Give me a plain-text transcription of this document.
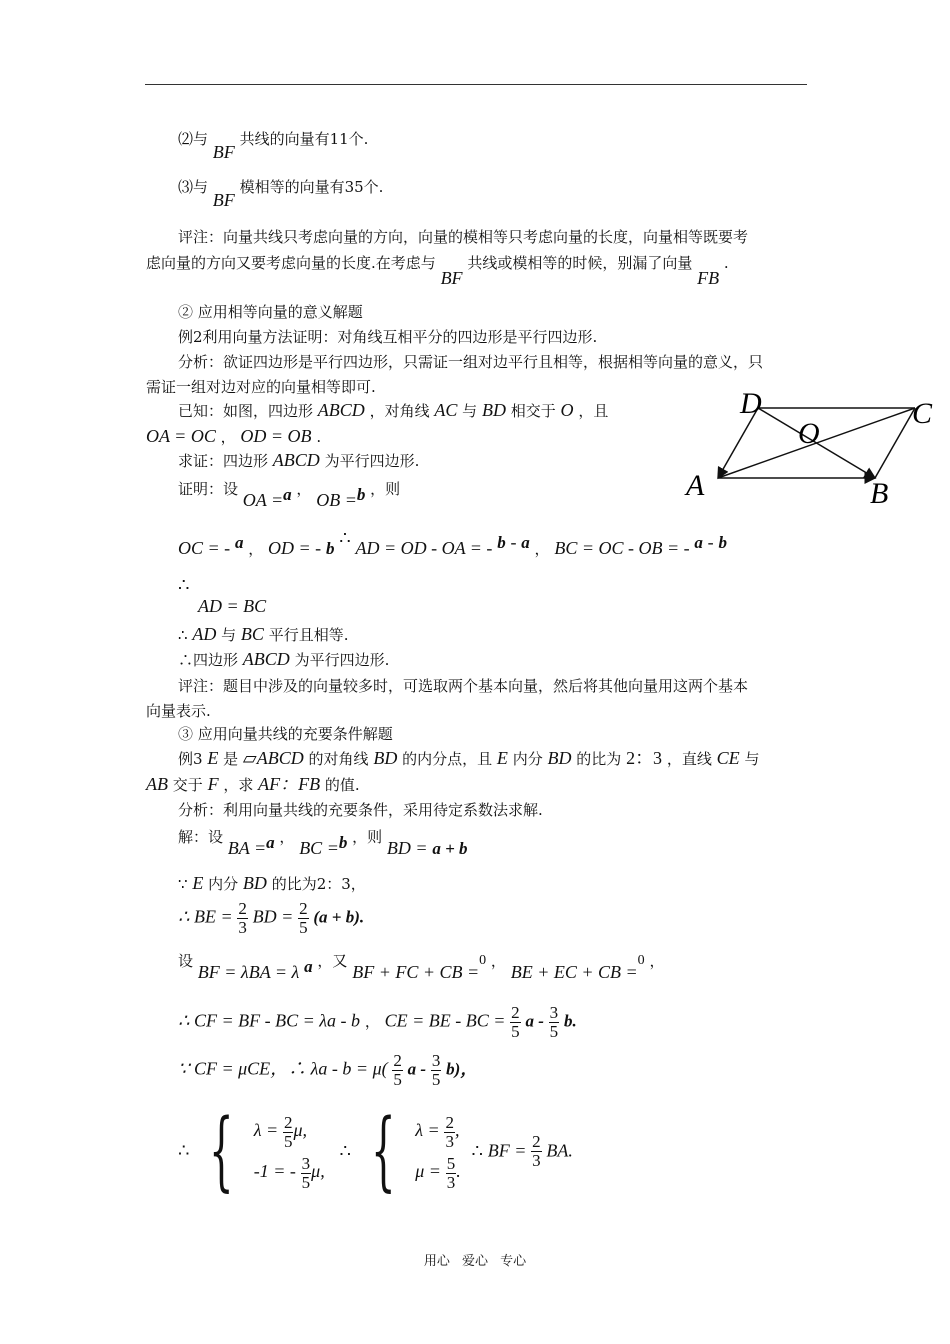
⑵与 BF 共线的向量有11个.
⑶与 BF 模相等的向量有35个.
评注：向量共线只考虑向量的方向，向量的模相等只考虑向量的长度，向量相等既要考
虑向量的方向又要考虑向量的长度.在考虑与 BF 共线或模相等的时候，别漏了向量 FB .
② 应用相等向量的意义解题
例2利用向量方法证明：对角线互相平分的四边形是平行四边形.
分析：欲证四边形是平行四边形，只需证一组对边平行且相等，根据相等向量的意义，只
需证一组对边对应的向量相等即可.
已知：如图，四边形 ABCD ，对角线 AC 与 BD 相交于 O ，且
OA = OC ， OD = OB .
求证：四边形 ABCD 为平行四边形.
证明：设 OA =a ， OB =b ，则
OC = - a ， OD = - b ∴ AD = OD - OA = - b - a ， BC = OC - OB = - a - b
∴
AD = BC
∴ AD 与 BC 平行且相等.
∴四边形 ABCD 为平行四边形.
评注：题目中涉及的向量较多时，可选取两个基本向量，然后将其他向量用这两个基本
向量表示.
③ 应用向量共线的充要条件解题
例3 E 是 ▱ABCD 的对角线 BD 的内分点，且 E 内分 BD 的比为 2：3 ，直线 CE 与
AB 交于 F ，求 AF：FB 的值.
分析：利用向量共线的充要条件，采用待定系数法求解.
解：设 BA =a ， BC =b ，则 BD = a + b
∵ E 内分 BD 的比为2：3，
∴ BE = $\frac{2}{3}$ BD = $\frac{2}{5} (a + b)$.
设 BF = λBA = λ a ，又 BF + FC + CB =0 ， BE + EC + CB =0 ，
∴ CF = BF - BC = λa - b ， CE = BE - BC = $\frac{2}{5}$ a - $\frac{3}{5} b$.
∵ CF = μCE，∴ $\lambda a - b = \mu( \frac{2}{5}$ a - $\frac{3}{5} b$)，
∴ { $\lambda = \frac{2}{5} \mu$,
-1 = - $\frac{3}{5} \mu$, ∴ { $\lambda = \frac{2}{3}$ ,
$\mu = \frac{5}{3}$ . ∴ BF = $\frac{2}{3}$ BA.
A	B
C
D
O
用心 爱心 专心
